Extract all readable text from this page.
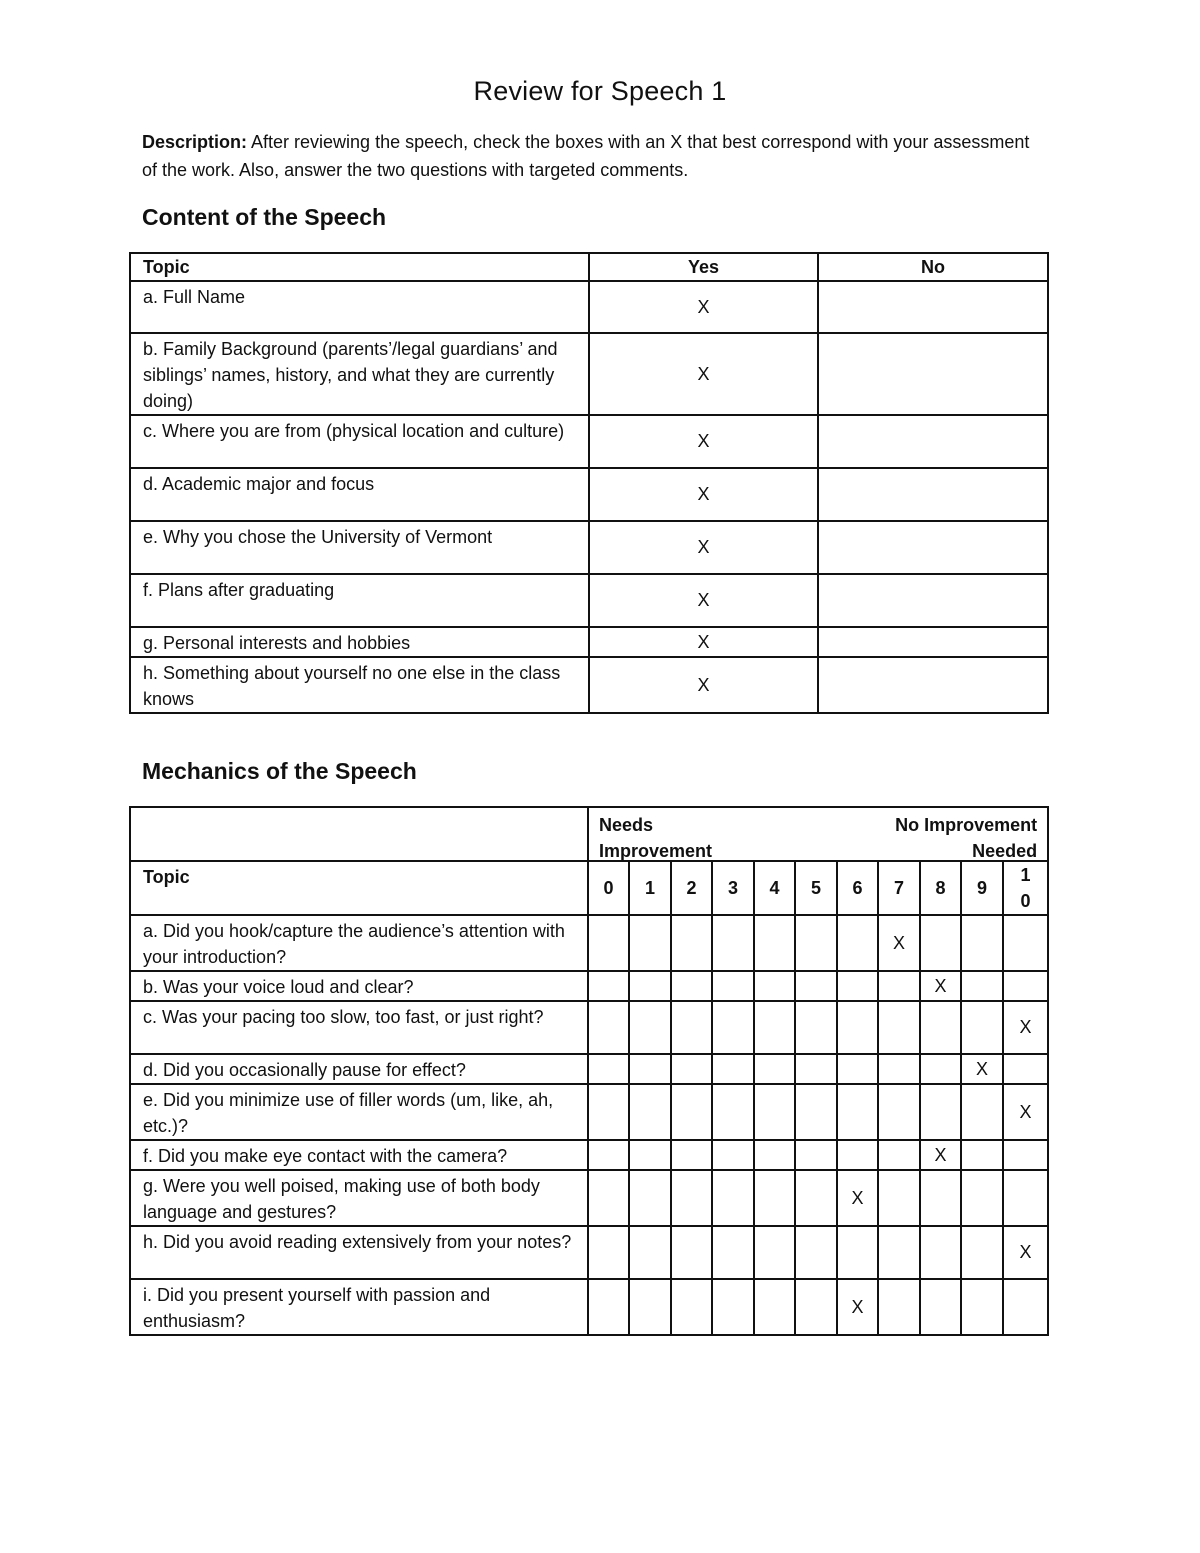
Review for Speech 1
Description: After reviewing the speech, check the boxes with an X that best correspond with your assessment of the work. Also, answer the two questions with targeted comments.
Content of the Speech
Topic	Yes	No
a. Full Name	X	
b. Family Background (parents’/legal guardians’ and siblings’ names, history, and what they are currently doing)	X	
c. Where you are from (physical location and culture)	X	
d. Academic major and focus	X	
e. Why you chose the University of Vermont	X	
f. Plans after graduating	X	
g. Personal interests and hobbies	X	
h. Something about yourself no one else in the class knows	X	
Mechanics of the Speech

	Needs
Improvement
No Improvement
Needed										

Topic	0	1	2	3	4	5	6	7	8	9	1
0
a. Did you hook/capture the audience’s attention with your introduction?								X			
b. Was your voice loud and clear?									X		
c. Was your pacing too slow, too fast, or just right?											X
d. Did you occasionally pause for effect?										X	
e. Did you minimize use of filler words (um, like, ah, etc.)?											X
f. Did you make eye contact with the camera?									X		
g. Were you well poised, making use of both body language and gestures?							X				
h. Did you avoid reading extensively from your notes?											X
i. Did you present yourself with passion and enthusiasm?							X				
